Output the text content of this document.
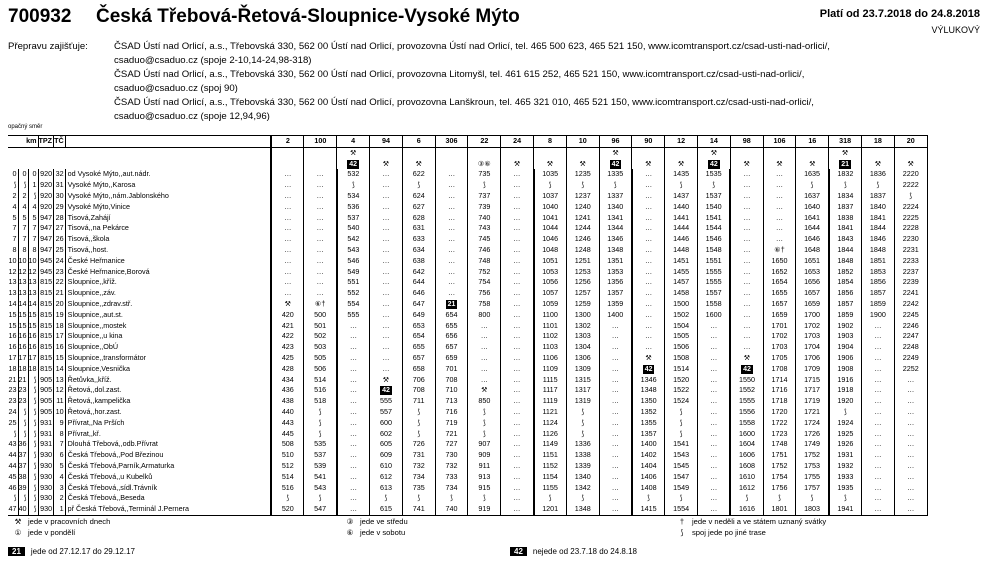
700932 Česká Třebová-Řetová-Sloupnice-Vysoké Mýto	Platí od 23.7.2018 do 24.8.2018
VÝLUKOVÝ
Přepravu zajišťuje:	ČSAD Ústí nad Orlicí, a.s., Třebovská 330, 562 00 Ústí nad Orlicí, provozovna Ústí nad Orlicí, tel. 465 500 623, 465 521 150, www.icomtransport.cz/csad-usti-nad-orlici/,
csaduo@csaduo.cz (spoje 2-10,14-24,98-318)
ČSAD Ústí nad Orlicí, a.s., Třebovská 330, 562 00 Ústí nad Orlicí, provozovna Litomyšl, tel. 461 615 252, 465 521 150, www.icomtransport.cz/csad-usti-nad-orlici/,
csaduo@csaduo.cz (spoj 90)
ČSAD Ústí nad Orlicí, a.s., Třebovská 330, 562 00 Ústí nad Orlicí, provozovna Lanškroun, tel. 465 321 010, 465 521 150, www.icomtransport.cz/csad-usti-nad-orlici/,
csaduo@csaduo.cz (spoje 12,94,96)
opačný směr
km			TPZ	TČ		2	100	4	94	6	306	22	24	8	10	96	90	12	14	98	106	16	318	18	20
								⚒								⚒			⚒				⚒		
								42	⚒	⚒		③⑥	⚒	⚒	⚒	42	⚒	⚒	42	⚒	⚒	⚒	21	⚒	⚒
0	0	0	920	32	od Vysoké Mýto,,aut.nádr.	…	…	532	…	622	…	735	…	1035	1235	1335	…	1435	1535	…	…	1635	1832	1836	2220
⟆	⟆	1	920	31	Vysoké Mýto,,Karosa	…	…	⟆	…	⟆	…	⟆	…	⟆	⟆	⟆	…	⟆	⟆	…	…	⟆	⟆	⟆	2222
2	2	⟆	920	30	Vysoké Mýto,,nám.Jablonského	…	…	534	…	624	…	737	…	1037	1237	1337	…	1437	1537	…	…	1637	1834	1837	⟆
4	4	4	920	29	Vysoké Mýto,Vinice	…	…	536	…	627	…	739	…	1040	1240	1340	…	1440	1540	…	…	1640	1837	1840	2224
5	5	5	947	28	Tisová,Zahájí	…	…	537	…	628	…	740	…	1041	1241	1341	…	1441	1541	…	…	1641	1838	1841	2225
7	7	7	947	27	Tisová,,na Pekárce	…	…	540	…	631	…	743	…	1044	1244	1344	…	1444	1544	…	…	1644	1841	1844	2228
7	7	7	947	26	Tisová,,škola	…	…	542	…	633	…	745	…	1046	1246	1346	…	1446	1546	…	…	1646	1843	1846	2230
8	8	8	947	25	Tisová,,host.	…	…	543	…	634	…	746	…	1048	1248	1348	…	1448	1548	…	⑥†	1648	1844	1848	2231
10	10	10	945	24	České Heřmanice	…	…	546	…	638	…	748	…	1051	1251	1351	…	1451	1551	…	1650	1651	1848	1851	2233
12	12	12	945	23	České Heřmanice,Borová	…	…	549	…	642	…	752	…	1053	1253	1353	…	1455	1555	…	1652	1653	1852	1853	2237
13	13	13	815	22	Sloupnice,,kříž.	…	…	551	…	644	…	754	…	1056	1256	1356	…	1457	1555	…	1654	1656	1854	1856	2239
13	13	13	815	21	Sloupnice,,záv.	…	…	552	…	646	…	756	…	1057	1257	1357	…	1458	1557	…	1655	1657	1856	1857	2241
14	14	14	815	20	Sloupnice,,zdrav.stř.	⚒	⑥†	554	…	647	21	758	…	1059	1259	1359	…	1500	1558	…	1657	1659	1857	1859	2242
15	15	15	815	19	Sloupnice,,aut.st.	420	500	555	…	649	654	800	…	1100	1300	1400	…	1502	1600	…	1659	1700	1859	1900	2245
15	15	15	815	18	Sloupnice,,mostek	421	501	…	…	653	655	…	…	1101	1302	…	…	1504	…	…	1701	1702	1902	…	2246
16	16	16	815	17	Sloupnice,,u kina	422	502	…	…	654	656	…	…	1102	1303	…	…	1505	…	…	1702	1703	1903	…	2247
16	16	16	815	16	Sloupnice,,ObÚ	423	503	…	…	655	657	…	…	1103	1304	…	…	1506	…	…	1703	1704	1904	…	2248
17	17	17	815	15	Sloupnice,,transformátor	425	505	…	…	657	659	…	…	1106	1306	…	⚒	1508	…	⚒	1705	1706	1906	…	2249
18	18	18	815	14	Sloupnice,Vesnička	428	506	…	…	658	701	…	…	1109	1309	…	42	1514	…	42	1708	1709	1908	…	2252
21	21	⟆	905	13	Řetůvka,,kříž.	434	514	…	⚒	706	708	…	…	1115	1315	…	1346	1520	…	1550	1714	1715	1916	…	…
23	23	⟆	905	12	Řetová,,dol.zast.	436	516	…	42	708	710	⚒	…	1117	1317	…	1348	1522	…	1552	1716	1717	1918	…	…
23	23	⟆	905	11	Řetová,,kampelička	438	518	…	555	711	713	850	…	1119	1319	…	1350	1524	…	1555	1718	1719	1920	…	…
24	⟆	⟆	905	10	Řetová,,hor.zast.	440	⟆	…	557	⟆	716	⟆	…	1121	⟆	…	1352	⟆	…	1556	1720	1721	⟆	…	…
25	⟆	⟆	931	9	Přívrat,,Na Prších	443	⟆	…	600	⟆	719	⟆	…	1124	⟆	…	1355	⟆	…	1558	1722	1724	1924	…	…
⟆	⟆	⟆	931	8	Přívrat,,kř.	445	⟆	…	602	⟆	721	⟆	…	1126	⟆	…	1357	⟆	…	1600	1723	1726	1925	…	…
43	36	⟆	931	7	Dlouhá Třebová,,odb.Přívrat	508	535	…	605	726	727	907	…	1149	1336	…	1400	1541	…	1604	1748	1749	1926	…	…
44	37	⟆	930	6	Česká Třebová,,Pod Březinou	510	537	…	609	731	730	909	…	1151	1338	…	1402	1543	…	1606	1751	1752	1931	…	…
44	37	⟆	930	5	Česká Třebová,Parník,Armaturka	512	539	…	610	732	732	911	…	1152	1339	…	1404	1545	…	1608	1752	1753	1932	…	…
45	38	⟆	930	4	Česká Třebová,,u Kubelků	514	541	…	612	734	733	913	…	1154	1340	…	1406	1547	…	1610	1754	1755	1933	…	…
46	39	⟆	930	3	Česká Třebová,,sídl.Trávník	516	543	…	613	735	734	915	…	1155	1342	…	1408	1549	…	1612	1756	1757	1935	…	…
⟆	⟆	⟆	930	2	Česká Třebová,,Beseda	⟆	⟆	…	⟆	⟆	⟆	⟆	…	⟆	⟆	…	⟆	⟆	…	⟆	⟆	⟆	⟆	…	…
47	40	⟆	930	1	př Česká Třebová,,Terminál J.Pernera	520	547	…	615	741	740	919	…	1201	1348	…	1415	1554	…	1616	1801	1803	1941	…	…
⚒ jede v pracovních dnech
① jede v pondělí
③ jede ve středu
⑥ jede v sobotu
† jede v neděli a ve státem uznaný svátky
⟆ spoj jede po jiné trase
21 jede od 27.12.17 do 29.12.17	42 nejede od 23.7.18 do 24.8.18
